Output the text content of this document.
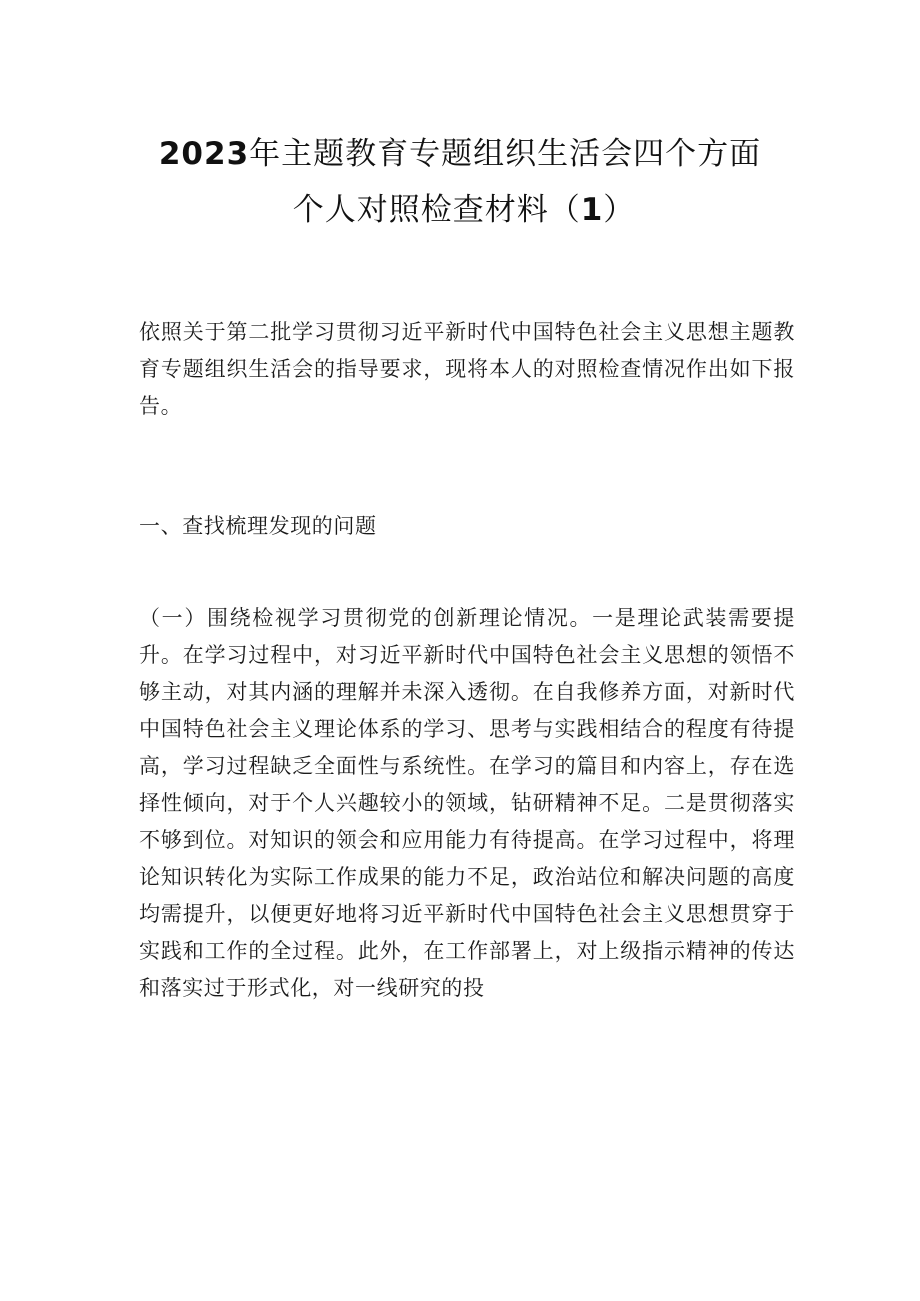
2023年主题教育专题组织生活会四个方面
个人对照检查材料（1）

依照关于第二批学习贯彻习近平新时代中国特色社会主义思想主题教育专题组织生活会的指导要求，现将本人的对照检查情况作出如下报告。

一、查找梳理发现的问题

（一）围绕检视学习贯彻党的创新理论情况。一是理论武装需要提升。在学习过程中，对习近平新时代中国特色社会主义思想的领悟不够主动，对其内涵的理解并未深入透彻。在自我修养方面，对新时代中国特色社会主义理论体系的学习、思考与实践相结合的程度有待提高，学习过程缺乏全面性与系统性。在学习的篇目和内容上，存在选择性倾向，对于个人兴趣较小的领域，钻研精神不足。二是贯彻落实不够到位。对知识的领会和应用能力有待提高。在学习过程中，将理论知识转化为实际工作成果的能力不足，政治站位和解决问题的高度均需提升，以便更好地将习近平新时代中国特色社会主义思想贯穿于实践和工作的全过程。此外，在工作部署上，对上级指示精神的传达和落实过于形式化，对一线研究的投
